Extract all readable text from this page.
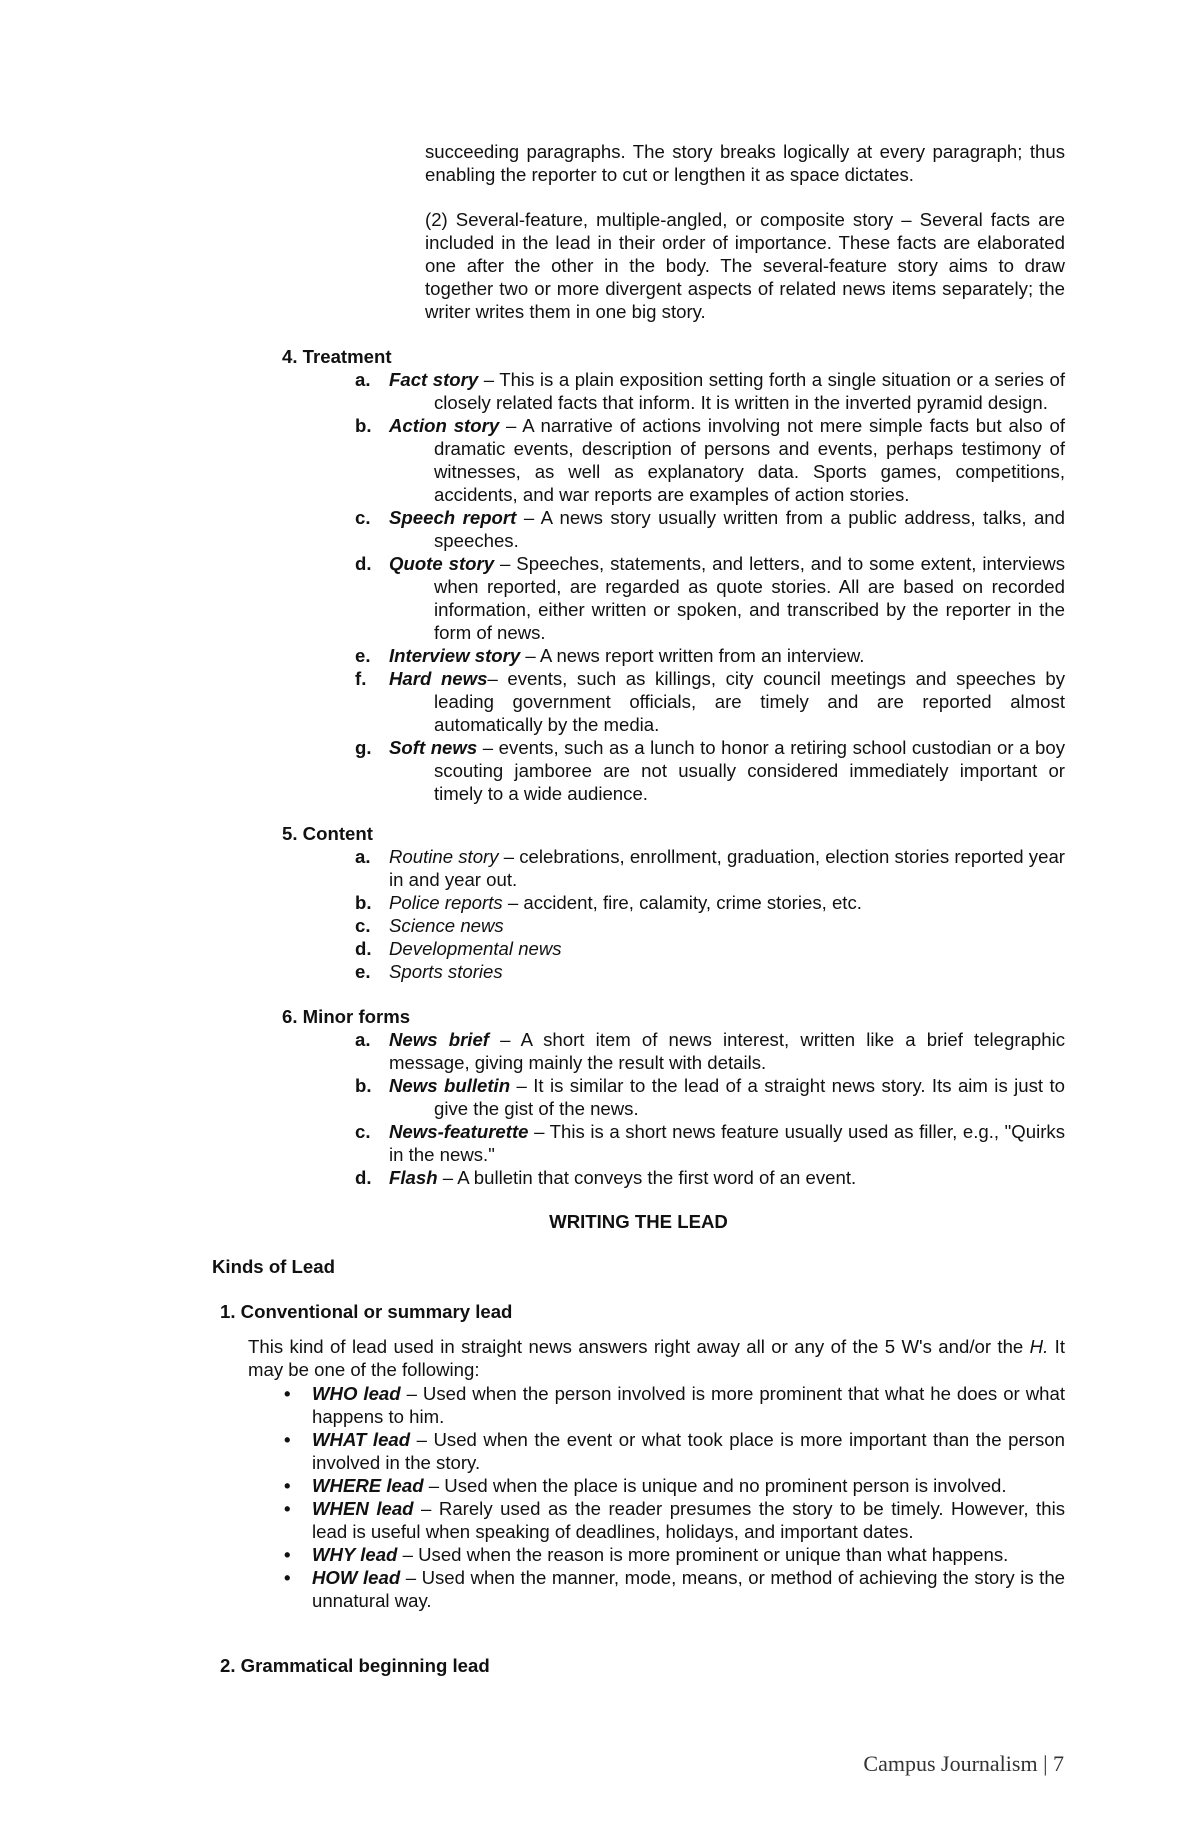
succeeding paragraphs. The story breaks logically at every paragraph; thus enabling the reporter to cut or lengthen it as space dictates.

(2) Several-feature, multiple-angled, or composite story – Several facts are included in the lead in their order of importance. These facts are elaborated one after the other in the body. The several-feature story aims to draw together two or more divergent aspects of related news items separately; the writer writes them in one big story.

4. Treatment
a. Fact story – This is a plain exposition setting forth a single situation or a series of closely related facts that inform. It is written in the inverted pyramid design.
b. Action story – A narrative of actions involving not mere simple facts but also of dramatic events, description of persons and events, perhaps testimony of witnesses, as well as explanatory data. Sports games, competitions, accidents, and war reports are examples of action stories.
c. Speech report – A news story usually written from a public address, talks, and speeches.
d. Quote story – Speeches, statements, and letters, and to some extent, interviews when reported, are regarded as quote stories. All are based on recorded information, either written or spoken, and transcribed by the reporter in the form of news.
e. Interview story – A news report written from an interview.
f.	Hard news– events, such as killings, city council meetings and speeches by leading government officials, are timely and are reported almost automatically by the media.
g. Soft news – events, such as a lunch to honor a retiring school custodian or a boy scouting jamboree are not usually considered immediately important or timely to a wide audience.
5. Content
a. Routine story – celebrations, enrollment, graduation, election stories reported year in and year out.
b. Police reports – accident, fire, calamity, crime stories, etc.
c. Science news
d. Developmental news
e. Sports stories
6. Minor forms
a. News brief – A short item of news interest, written like a brief telegraphic message, giving mainly the result with details.
b. News bulletin – It is similar to the lead of a straight news story. Its aim is just to give the gist of the news.
c. News-featurette – This is a short news feature usually used as filler, e.g., "Quirks in the news."
d. Flash – A bulletin that conveys the first word of an event.
WRITING THE LEAD
Kinds of Lead
1. Conventional or summary lead
This kind of lead used in straight news answers right away all or any of the 5 W's and/or the H. It may be one of the following:
•	WHO lead – Used when the person involved is more prominent that what he does or what happens to him.
•	WHAT lead – Used when the event or what took place is more important than the person involved in the story.
•	WHERE lead – Used when the place is unique and no prominent person is involved.
•	WHEN lead – Rarely used as the reader presumes the story to be timely. However, this lead is useful when speaking of deadlines, holidays, and important dates.
•	WHY lead – Used when the reason is more prominent or unique than what happens.
•	HOW lead – Used when the manner, mode, means, or method of achieving the story is the unnatural way.
2. Grammatical beginning lead
Campus Journalism | 7
